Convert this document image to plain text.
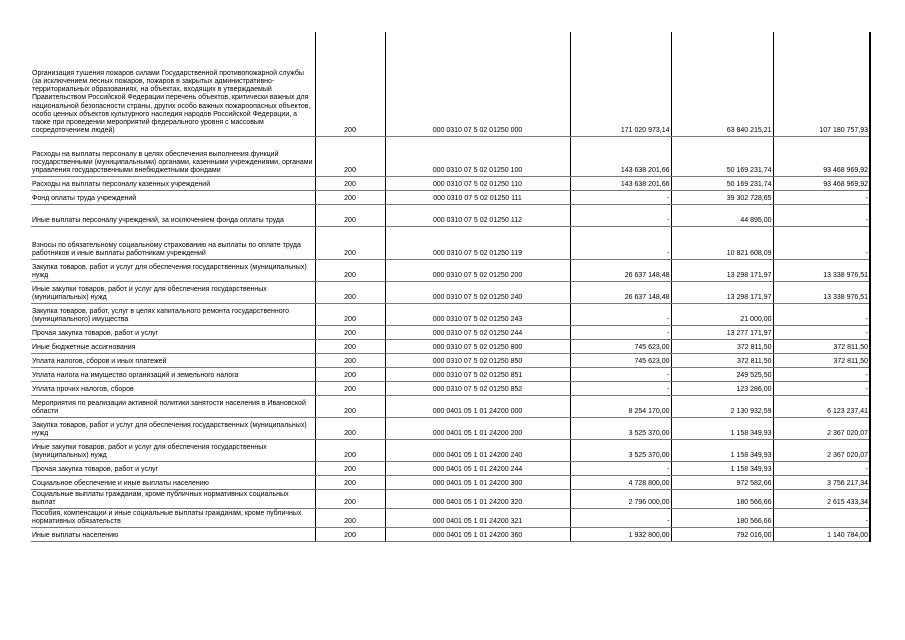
Организация тушения пожаров силами Государственной противопожарной службы (за исключением лесных пожаров, пожаров в закрытых административно-территориальных образованиях, на объектах, входящих в утверждаемый Правительством Российской Федерации перечень объектов, критически важных для национальной безопасности страны, других особо важных пожароопасных объектов, особо ценных объектов культурного наследия народов Российской Федерации, а также при проведении мероприятий федерального уровня с массовым сосредоточением людей)	200	000 0310 07 5 02 01250 000	171 020 973,14	63 840 215,21	107 180 757,93
Расходы на выплаты персоналу в целях обеспечения выполнения функций государственными (муниципальными) органами, казенными учреждениями, органами управления государственными внебюджетными фондами	200	000 0310 07 5 02 01250 100	143 638 201,66	50 169 231,74	93 468 969,92
Расходы на выплаты персоналу казенных учреждений	200	000 0310 07 5 02 01250 110	143 638 201,66	50 169 231,74	93 468 969,92
Фонд оплаты труда учреждений	200	000 0310 07 5 02 01250 111	-	39 302 728,65	-
Иные выплаты персоналу учреждений, за исключением фонда оплаты труда	200	000 0310 07 5 02 01250 112	-	44 895,00	-
Взносы по обязательному социальному страхованию на выплаты по оплате труда работников и иные выплаты работникам учреждений	200	000 0310 07 5 02 01250 119	-	10 821 608,09	-
Закупка товаров, работ и услуг для обеспечения государственных (муниципальных) нужд	200	000 0310 07 5 02 01250 200	26 637 148,48	13 298 171,97	13 338 976,51
Иные закупки товаров, работ и услуг для обеспечения государственных (муниципальных) нужд	200	000 0310 07 5 02 01250 240	26 637 148,48	13 298 171,97	13 338 976,51
Закупка товаров, работ, услуг в целях капитального ремонта государственного (муниципального) имущества	200	000 0310 07 5 02 01250 243	-	21 000,00	-
Прочая закупка товаров, работ и услуг	200	000 0310 07 5 02 01250 244	-	13 277 171,97	-
Иные бюджетные ассигнования	200	000 0310 07 5 02 01250 800	745 623,00	372 811,50	372 811,50
Уплата налогов, сборов и иных платежей	200	000 0310 07 5 02 01250 850	745 623,00	372 811,50	372 811,50
Уплата налога на имущество организаций и земельного налога	200	000 0310 07 5 02 01250 851	-	249 525,50	-
Уплата прочих налогов, сборов	200	000 0310 07 5 02 01250 852	-	123 286,00	-
Мероприятия по реализации активной политики занятости населения в Ивановской области	200	000 0401 05 1 01 24200 000	8 254 170,00	2 130 932,59	6 123 237,41
Закупка товаров, работ и услуг для обеспечения государственных (муниципальных) нужд	200	000 0401 05 1 01 24200 200	3 525 370,00	1 158 349,93	2 367 020,07
Иные закупки товаров, работ и услуг для обеспечения государственных (муниципальных) нужд	200	000 0401 05 1 01 24200 240	3 525 370,00	1 158 349,93	2 367 020,07
Прочая закупка товаров, работ и услуг	200	000 0401 05 1 01 24200 244	-	1 158 349,93	-
Социальное обеспечение и иные выплаты населению	200	000 0401 05 1 01 24200 300	4 728 800,00	972 582,66	3 756 217,34
Социальные выплаты гражданам, кроме публичных нормативных социальных выплат	200	000 0401 05 1 01 24200 320	2 796 000,00	180 566,66	2 615 433,34
Пособия, компенсации и иные социальные выплаты гражданам, кроме публичных нормативных обязательств	200	000 0401 05 1 01 24200 321	-	180 566,66	-
Иные выплаты населению	200	000 0401 05 1 01 24200 360	1 932 800,00	792 016,00	1 140 784,00
